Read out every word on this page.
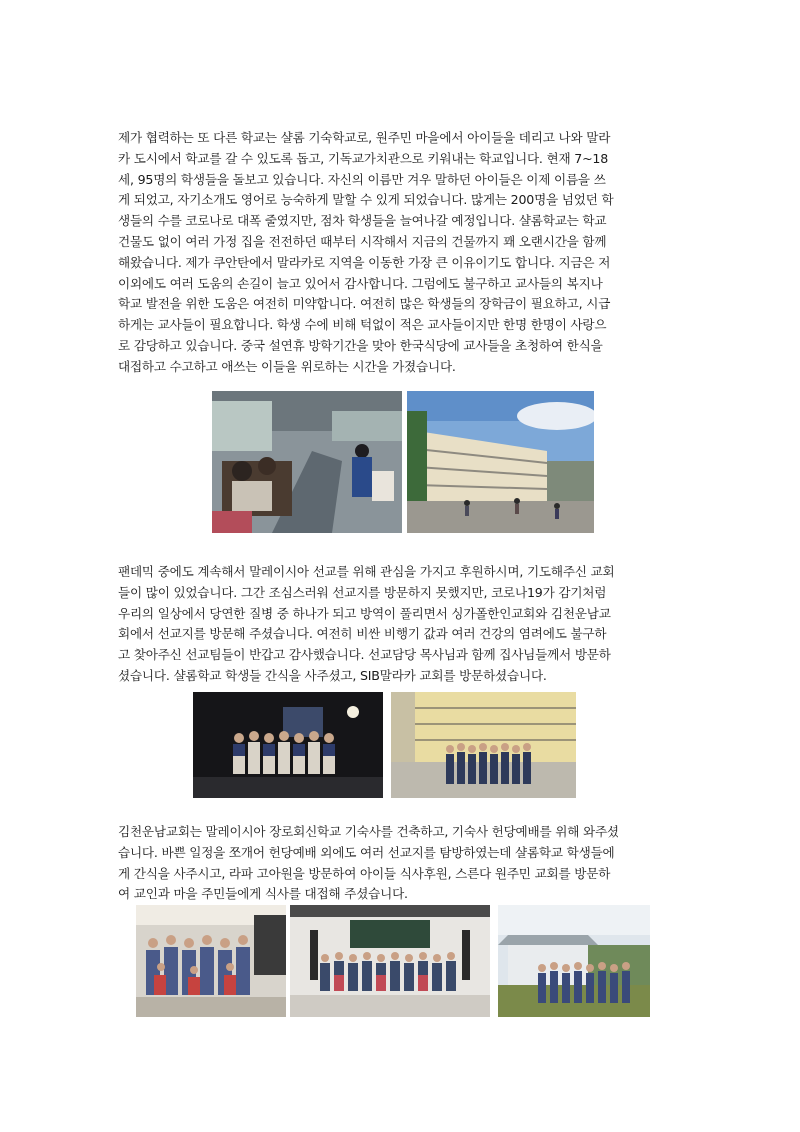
제가 협력하는 또 다른 학교는 샬롬 기숙학교로, 원주민 마을에서 아이들을 데리고 나와 말라
카 도시에서 학교를 갈 수 있도록 돕고, 기독교가치관으로 키워내는 학교입니다. 현재 7~18
세, 95명의 학생들을 돌보고 있습니다. 자신의 이름만 겨우 말하던 아이들은 이제 이름을 쓰
게 되었고, 자기소개도 영어로 능숙하게 말할 수 있게 되었습니다. 많게는 200명을 넘었던 학
생들의 수를 코로나로 대폭 줄였지만, 점차 학생들을 늘여나갈 예정입니다. 샬롬학교는 학교
건물도 없이 여러 가정 집을 전전하던 때부터 시작해서 지금의 건물까지 꽤 오랜시간을 함께
해왔습니다. 제가 쿠안탄에서 말라카로 지역을 이동한 가장 큰 이유이기도 합니다. 지금은 저
이외에도 여러 도움의 손길이 늘고 있어서 감사합니다. 그럼에도 불구하고 교사들의 복지나
학교 발전을 위한 도움은 여전히 미약합니다. 여전히 많은 학생들의 장학금이 필요하고, 시급
하게는 교사들이 필요합니다. 학생 수에 비해 턱없이 적은 교사들이지만 한명 한명이 사랑으
로 감당하고 있습니다. 중국 설연휴 방학기간을 맞아 한국식당에 교사들을 초청하여 한식을
대접하고 수고하고 애쓰는 이들을 위로하는 시간을 가졌습니다.
팬데믹 중에도 계속해서 말레이시아 선교를 위해 관심을 가지고 후원하시며, 기도해주신 교회
들이 많이 있었습니다. 그간 조심스러워 선교지를 방문하지 못했지만, 코로나19가 감기처럼
우리의 일상에서 당연한 질병 중 하나가 되고 방역이 풀리면서 싱가폴한인교회와 김천운남교
회에서 선교지를 방문해 주셨습니다. 여전히 비싼 비행기 값과 여러 건강의 염려에도 불구하
고 찾아주신 선교팀들이 반갑고 감사했습니다. 선교담당 목사님과 함께 집사님들께서 방문하
셨습니다. 샬롬학교 학생들 간식을 사주셨고, SIB말라카 교회를 방문하셨습니다.
김천운남교회는 말레이시아 장로회신학교 기숙사를 건축하고, 기숙사 헌당예배를 위해 와주셨
습니다. 바쁜 일정을 쪼개어 헌당예배 외에도 여러 선교지를 탐방하였는데 샬롬학교 학생들에
게 간식을 사주시고, 라파 고아원을 방문하여 아이들 식사후원, 스른다 원주민 교회를 방문하
여 교인과 마을 주민들에게 식사를 대접해 주셨습니다.
